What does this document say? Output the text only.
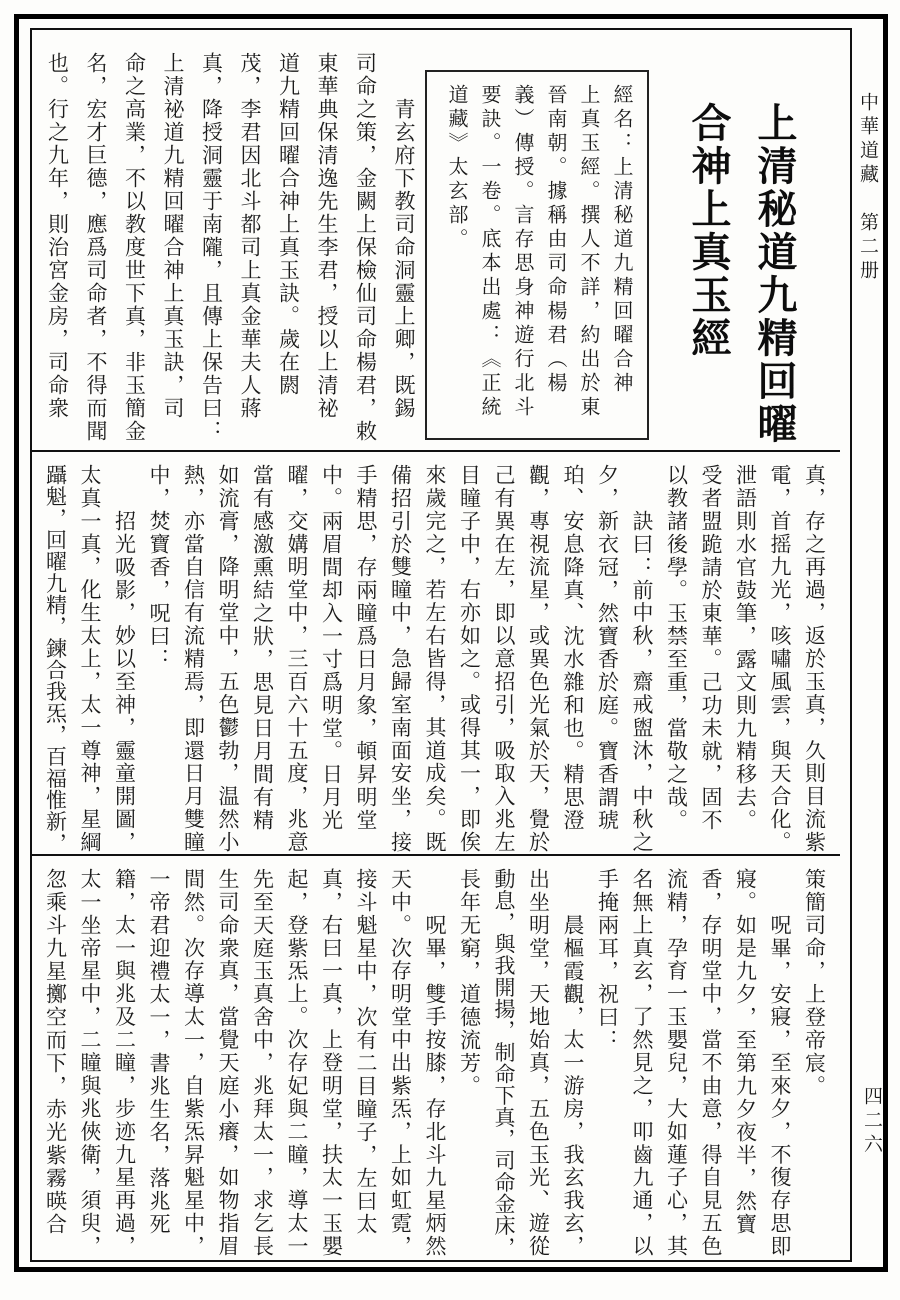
中華道藏　第二册
四二六
上清秘道九精回曜
合神上真玉經
經名：上清秘道九精回曜合神
上真玉經。撰人不詳，約出於東
晉南朝。據稱由司命楊君（楊
義）傳授。言存思身神遊行北斗
要訣。一卷。底本出處：《正統
道藏》太玄部。
青玄府下教司命洞靈上卿，既錫
司命之策，金闕上保檢仙司命楊君，敕
東華典保清逸先生李君，授以上清祕
道九精回曜合神上真玉訣。歲在閼
茂，李君因北斗都司上真金華夫人蔣
真，降授洞靈于南隴，且傳上保告曰：
上清祕道九精回曜合神上真玉訣，司
命之高業，不以教度世下真，非玉簡金
名，宏才巨德，應爲司命者，不得而聞
也。行之九年，則治宮金房，司命衆
真，存之再過，返於玉真，久則目流紫
電，首摇九光，咳嘯風雲，與天合化。
泄語則水官鼓筆，露文則九精移去。
受者盟跪請於東華。己功未就，固不
以教諸後學。玉禁至重，當敬之哉。
訣曰：前中秋，齋戒盥沐，中秋之
夕，新衣冠，然寶香於庭。寶香謂琥
珀、安息降真、沈水雜和也。精思澄
觀，專視流星，或異色光氣於天，覺於
己有異在左，即以意招引，吸取入兆左
目瞳子中，右亦如之。或得其一，即俟
來歲完之，若左右皆得，其道成矣。既
備招引於雙瞳中，急歸室南面安坐，接
手精思，存兩瞳爲日月象，頓昇明堂
中。兩眉間却入一寸爲明堂。日月光
曜，交媾明堂中，三百六十五度，兆意
當有感激熏結之狀，思見日月間有精
如流膏，降明堂中，五色鬱勃，温然小
熱，亦當自信有流精焉，即還日月雙瞳
中，焚寶香，呪曰：
招光吸影，妙以至神，靈童開圖，
太真一真，化生太上，太一尊神，星綱
躡魁，回曜九精，鍊合我炁，百福惟新，
策簡司命，上登帝宸。
呪畢，安寢，至來夕，不復存思即
寢。如是九夕，至第九夕夜半，然寶
香，存明堂中，當不由意，得自見五色
流精，孕育一玉嬰兒，大如蓮子心，其
名無上真玄，了然見之，叩齒九通，以
手掩兩耳，祝曰：
晨樞霞觀，太一游房，我玄我玄，
出坐明堂，天地始真，五色玉光、遊從
動息，與我開揚，制命下真，司命金床，
長年无窮，道德流芳。
呪畢，雙手按膝，存北斗九星炳然
天中。次存明堂中出紫炁，上如虹霓，
接斗魁星中，次有二目瞳子，左曰太
真，右曰一真，上登明堂，扶太一玉嬰
起，登紫炁上。次存妃與二瞳，導太一
先至天庭玉真舍中，兆拜太一，求乞長
生司命衆真，當覺天庭小癢，如物指眉
間然。次存導太一，自紫炁昇魁星中，
一帝君迎禮太一，書兆生名，落兆死
籍，太一與兆及二瞳，步迹九星再過，
太一坐帝星中，二瞳與兆俠衛，須臾，
忽乘斗九星擲空而下，赤光紫霧暎合
